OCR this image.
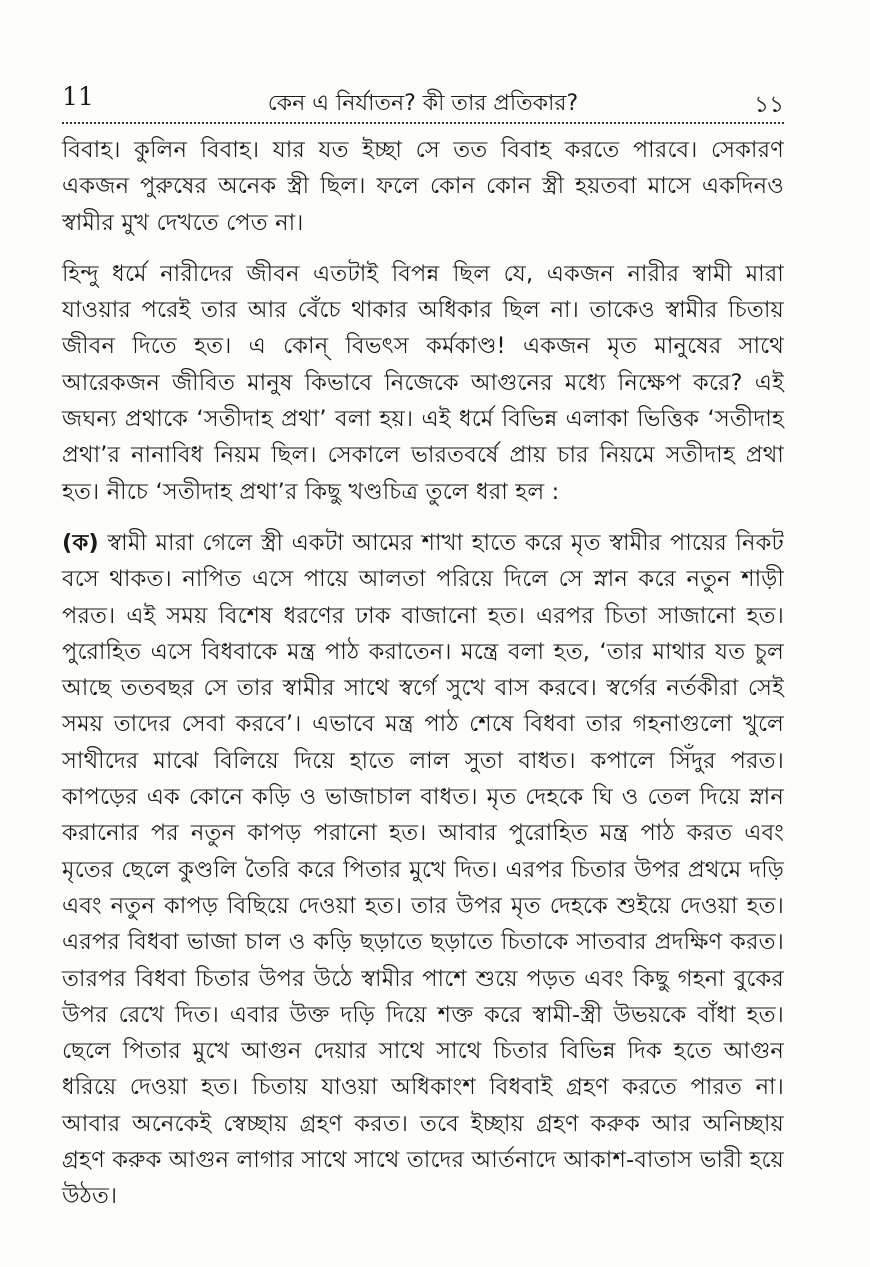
11	কেন এ নির্যাতন? কী তার প্রতিকার?	১১

বিবাহ। কুলিন বিবাহ। যার যত ইচ্ছা সে তত বিবাহ করতে পারবে। সেকারণ একজন পুরুষের অনেক স্ত্রী ছিল। ফলে কোন কোন স্ত্রী হয়তবা মাসে একদিনও স্বামীর মুখ দেখতে পেত না।

হিন্দু ধর্মে নারীদের জীবন এতটাই বিপন্ন ছিল যে, একজন নারীর স্বামী মারা যাওয়ার পরেই তার আর বেঁচে থাকার অধিকার ছিল না। তাকেও স্বামীর চিতায় জীবন দিতে হত। এ কোন্ বিভৎস কর্মকাণ্ড! একজন মৃত মানুষের সাথে আরেকজন জীবিত মানুষ কিভাবে নিজেকে আগুনের মধ্যে নিক্ষেপ করে? এই জঘন্য প্রথাকে ‘সতীদাহ প্রথা’ বলা হয়। এই ধর্মে বিভিন্ন এলাকা ভিত্তিক ‘সতীদাহ প্রথা’র নানাবিধ নিয়ম ছিল। সেকালে ভারতবর্ষে প্রায় চার নিয়মে সতীদাহ প্রথা হত। নীচে ‘সতীদাহ প্রথা’র কিছু খণ্ডচিত্র তুলে ধরা হল :

(ক) স্বামী মারা গেলে স্ত্রী একটা আমের শাখা হাতে করে মৃত স্বামীর পায়ের নিকট বসে থাকত। নাপিত এসে পায়ে আলতা পরিয়ে দিলে সে স্নান করে নতুন শাড়ী পরত। এই সময় বিশেষ ধরণের ঢাক বাজানো হত। এরপর চিতা সাজানো হত। পুরোহিত এসে বিধবাকে মন্ত্র পাঠ করাতেন। মন্ত্রে বলা হত, ‘তার মাথার যত চুল আছে ততবছর সে তার স্বামীর সাথে স্বর্গে সুখে বাস করবে। স্বর্গের নর্তকীরা সেই সময় তাদের সেবা করবে’। এভাবে মন্ত্র পাঠ শেষে বিধবা তার গহনাগুলো খুলে সাথীদের মাঝে বিলিয়ে দিয়ে হাতে লাল সুতা বাধত। কপালে সিঁদুর পরত। কাপড়ের এক কোনে কড়ি ও ভাজাচাল বাধত। মৃত দেহকে ঘি ও তেল দিয়ে স্নান করানোর পর নতুন কাপড় পরানো হত। আবার পুরোহিত মন্ত্র পাঠ করত এবং মৃতের ছেলে কুণ্ডলি তৈরি করে পিতার মুখে দিত। এরপর চিতার উপর প্রথমে দড়ি এবং নতুন কাপড় বিছিয়ে দেওয়া হত। তার উপর মৃত দেহকে শুইয়ে দেওয়া হত। এরপর বিধবা ভাজা চাল ও কড়ি ছড়াতে ছড়াতে চিতাকে সাতবার প্রদক্ষিণ করত। তারপর বিধবা চিতার উপর উঠে স্বামীর পাশে শুয়ে পড়ত এবং কিছু গহনা বুকের উপর রেখে দিত। এবার উক্ত দড়ি দিয়ে শক্ত করে স্বামী-স্ত্রী উভয়কে বাঁধা হত। ছেলে পিতার মুখে আগুন দেয়ার সাথে সাথে চিতার বিভিন্ন দিক হতে আগুন ধরিয়ে দেওয়া হত। চিতায় যাওয়া অধিকাংশ বিধবাই গ্রহণ করতে পারত না। আবার অনেকেই স্বেচ্ছায় গ্রহণ করত। তবে ইচ্ছায় গ্রহণ করুক আর অনিচ্ছায় গ্রহণ করুক আগুন লাগার সাথে সাথে তাদের আর্তনাদে আকাশ-বাতাস ভারী হয়ে উঠত।
